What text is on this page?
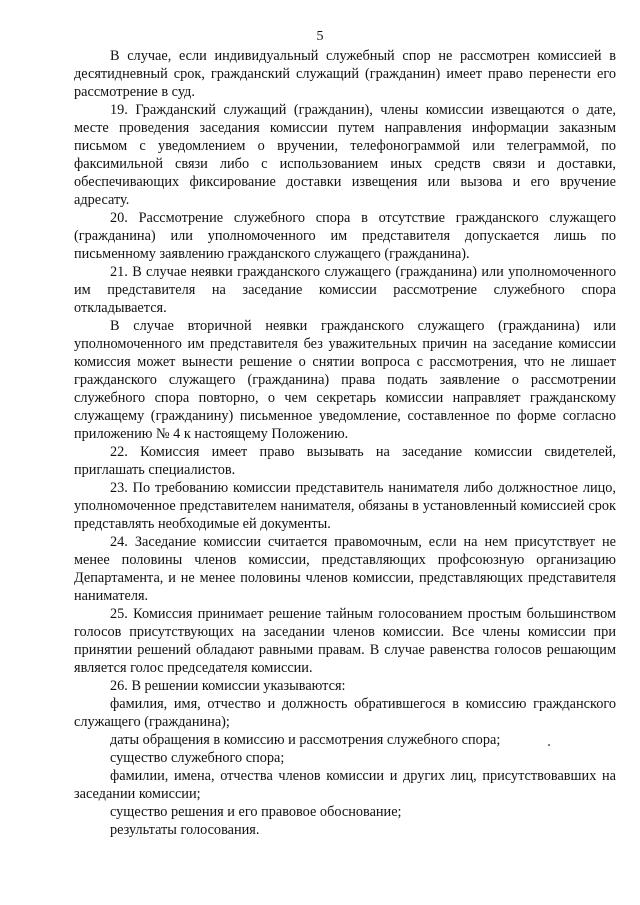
5

В случае, если индивидуальный служебный спор не рассмотрен комиссией в десятидневный срок, гражданский служащий (гражданин) имеет право перенести его рассмотрение в суд.

19. Гражданский служащий (гражданин), члены комиссии извещаются о дате, месте проведения заседания комиссии путем направления информации заказным письмом с уведомлением о вручении, телефонограммой или телеграммой, по факсимильной связи либо с использованием иных средств связи и доставки, обеспечивающих фиксирование доставки извещения или вызова и его вручение адресату.

20. Рассмотрение служебного спора в отсутствие гражданского служащего (гражданина) или уполномоченного им представителя допускается лишь по письменному заявлению гражданского служащего (гражданина).

21. В случае неявки гражданского служащего (гражданина) или уполномоченного им представителя на заседание комиссии рассмотрение служебного спора откладывается.

В случае вторичной неявки гражданского служащего (гражданина) или уполномоченного им представителя без уважительных причин на заседание комиссии комиссия может вынести решение о снятии вопроса с рассмотрения, что не лишает гражданского служащего (гражданина) права подать заявление о рассмотрении служебного спора повторно, о чем секретарь комиссии направляет гражданскому служащему (гражданину) письменное уведомление, составленное по форме согласно приложению № 4 к настоящему Положению.

22. Комиссия имеет право вызывать на заседание комиссии свидетелей, приглашать специалистов.

23. По требованию комиссии представитель нанимателя либо должностное лицо, уполномоченное представителем нанимателя, обязаны в установленный комиссией срок представлять необходимые ей документы.

24. Заседание комиссии считается правомочным, если на нем присутствует не менее половины членов комиссии, представляющих профсоюзную организацию Департамента, и не менее половины членов комиссии, представляющих представителя нанимателя.

25. Комиссия принимает решение тайным голосованием простым большинством голосов присутствующих на заседании членов комиссии. Все члены комиссии при принятии решений обладают равными правам. В случае равенства голосов решающим является голос председателя комиссии.

26. В решении комиссии указываются:

фамилия, имя, отчество и должность обратившегося в комиссию гражданского служащего (гражданина);

даты обращения в комиссию и рассмотрения служебного спора;

существо служебного спора;

фамилии, имена, отчества членов комиссии и других лиц, присутствовавших на заседании комиссии;

существо решения и его правовое обоснование;

результаты голосования.
